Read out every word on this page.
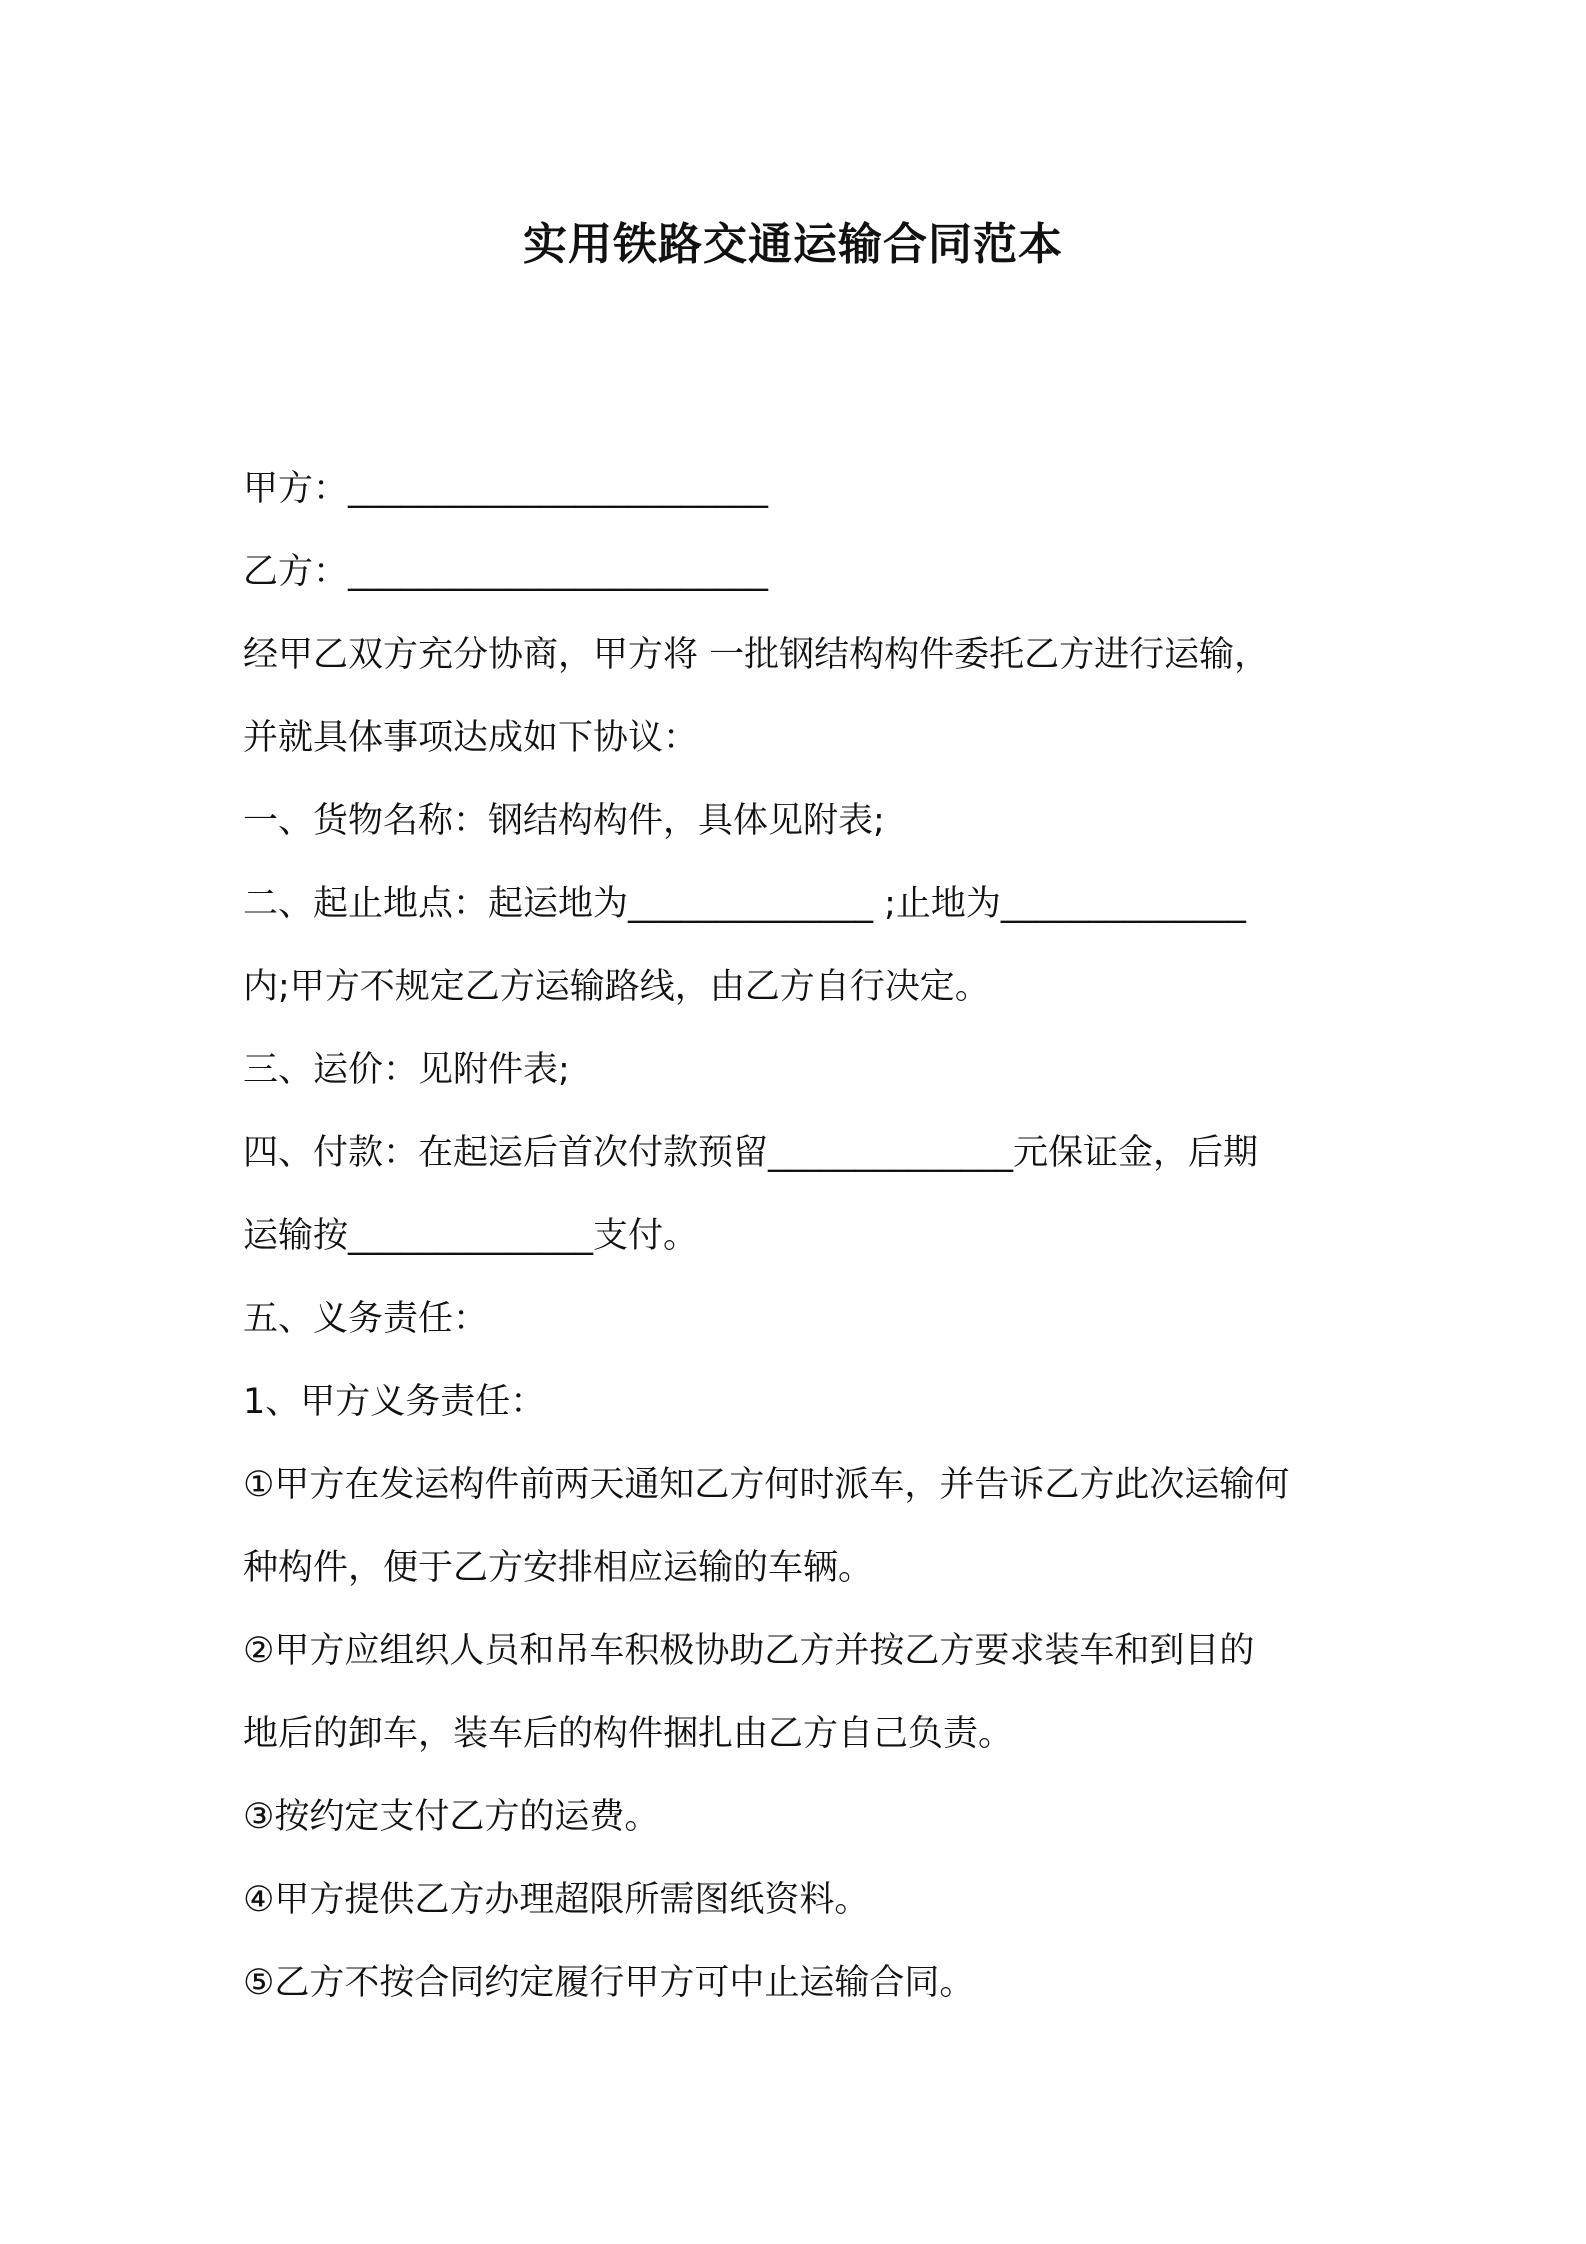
实用铁路交通运输合同范本
甲方：________________________
乙方：________________________
经甲乙双方充分协商，甲方将 一批钢结构构件委托乙方进行运输，
并就具体事项达成如下协议：
一、货物名称：钢结构构件，具体见附表;
二、起止地点：起运地为______________ ;止地为______________
内;甲方不规定乙方运输路线，由乙方自行决定。
三、运价：见附件表;
四、付款：在起运后首次付款预留______________元保证金，后期
运输按______________支付。
五、义务责任：
1、甲方义务责任：
①甲方在发运构件前两天通知乙方何时派车，并告诉乙方此次运输何
种构件，便于乙方安排相应运输的车辆。
②甲方应组织人员和吊车积极协助乙方并按乙方要求装车和到目的
地后的卸车，装车后的构件捆扎由乙方自己负责。
③按约定支付乙方的运费。
④甲方提供乙方办理超限所需图纸资料。
⑤乙方不按合同约定履行甲方可中止运输合同。
